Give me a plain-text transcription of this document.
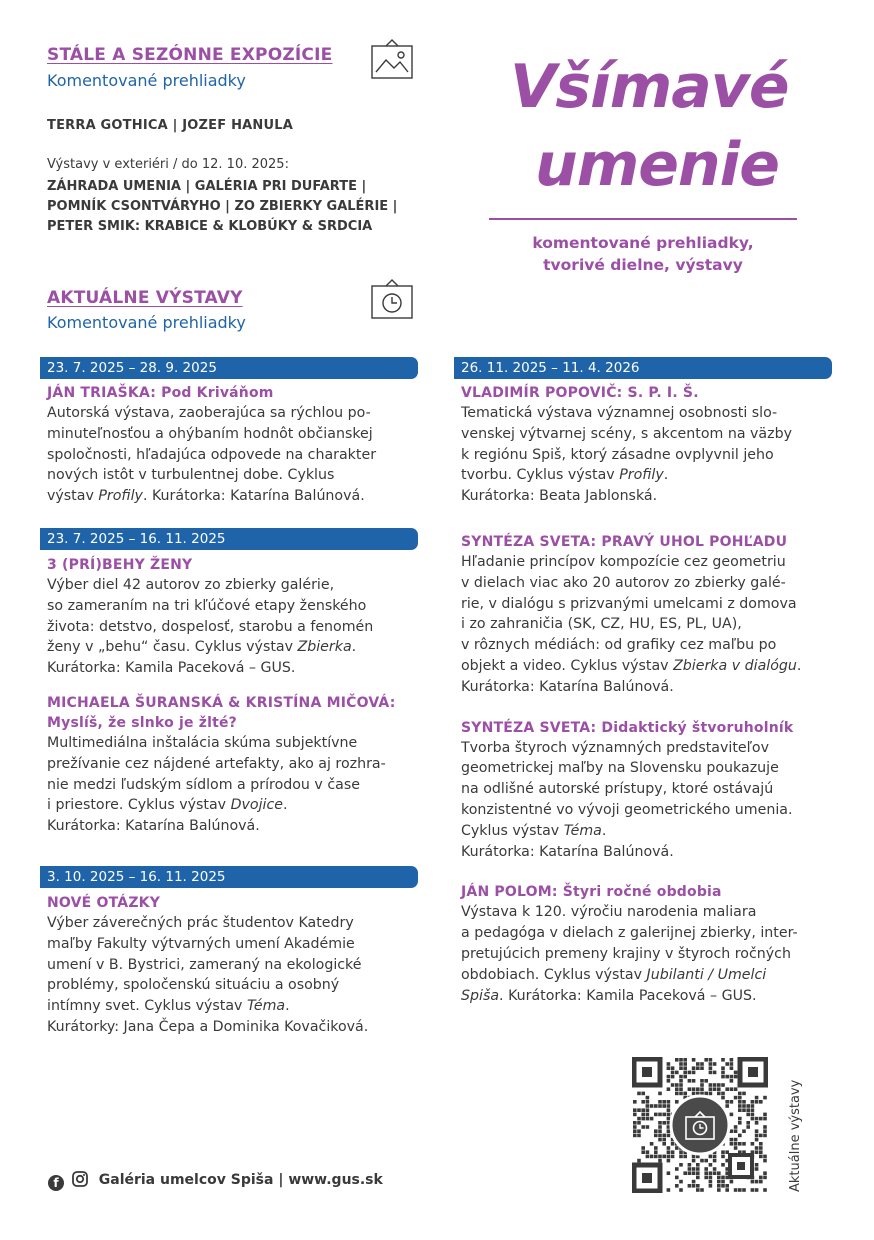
STÁLE A SEZÓNNE EXPOZÍCIE
Komentované prehliadky
TERRA GOTHICA | JOZEF HANULA
Výstavy v exteriéri / do 12. 10. 2025:
ZÁHRADA UMENIA | GALÉRIA PRI DUFARTE |
POMNÍK CSONTVÁRYHO | ZO ZBIERKY GALÉRIE |
PETER SMIK: KRABICE & KLOBÚKY & SRDCIA
AKTUÁLNE VÝSTAVY
Komentované prehliadky
Všímavé
umenie
komentované prehliadky,
tvorivé dielne, výstavy
23. 7. 2025 – 28. 9. 2025
JÁN TRIAŠKA: Pod Kriváňom
Autorská výstava, zaoberajúca sa rýchlou po-
minuteľnosťou a ohýbaním hodnôt občianskej
spoločnosti, hľadajúca odpovede na charakter
nových istôt v turbulentnej dobe. Cyklus
výstav Profily. Kurátorka: Katarína Balúnová.
23. 7. 2025 – 16. 11. 2025
3 (PRÍ)BEHY ŽENY
Výber diel 42 autorov zo zbierky galérie,
so zameraním na tri kľúčové etapy ženského
života: detstvo, dospelosť, starobu a fenomén
ženy v „behu“ času. Cyklus výstav Zbierka.
Kurátorka: Kamila Paceková – GUS.
MICHAELA ŠURANSKÁ & KRISTÍNA MIČOVÁ:
Myslíš, že slnko je žlté?
Multimediálna inštalácia skúma subjektívne
prežívanie cez nájdené artefakty, ako aj rozhra-
nie medzi ľudským sídlom a prírodou v čase
i priestore. Cyklus výstav Dvojice.
Kurátorka: Katarína Balúnová.
3. 10. 2025 – 16. 11. 2025
NOVÉ OTÁZKY
Výber záverečných prác študentov Katedry
maľby Fakulty výtvarných umení Akadémie
umení v B. Bystrici, zameraný na ekologické
problémy, spoločenskú situáciu a osobný
intímny svet. Cyklus výstav Téma.
Kurátorky: Jana Čepa a Dominika Kovačiková.
26. 11. 2025 – 11. 4. 2026
VLADIMÍR POPOVIČ: S. P. I. Š.
Tematická výstava významnej osobnosti slo-
venskej výtvarnej scény, s akcentom na väzby
k regiónu Spiš, ktorý zásadne ovplyvnil jeho
tvorbu. Cyklus výstav Profily.
Kurátorka: Beata Jablonská.
SYNTÉZA SVETA: PRAVÝ UHOL POHĽADU
Hľadanie princípov kompozície cez geometriu
v dielach viac ako 20 autorov zo zbierky galé-
rie, v dialógu s prizvanými umelcami z domova
i zo zahraničia (SK, CZ, HU, ES, PL, UA),
v rôznych médiách: od grafiky cez maľbu po
objekt a video. Cyklus výstav Zbierka v dialógu.
Kurátorka: Katarína Balúnová.
SYNTÉZA SVETA: Didaktický štvoruholník
Tvorba štyroch významných predstaviteľov
geometrickej maľby na Slovensku poukazuje
na odlišné autorské prístupy, ktoré ostávajú
konzistentné vo vývoji geometrického umenia.
Cyklus výstav Téma.
Kurátorka: Katarína Balúnová.
JÁN POLOM: Štyri ročné obdobia
Výstava k 120. výročiu narodenia maliara
a pedagóga v dielach z galerijnej zbierky, inter-
pretujúcich premeny krajiny v štyroch ročných
obdobiach. Cyklus výstav Jubilanti / Umelci
Spiša. Kurátorka: Kamila Paceková – GUS.
Aktuálne výstavy
f	Galéria umelcov Spiša | www.gus.sk
